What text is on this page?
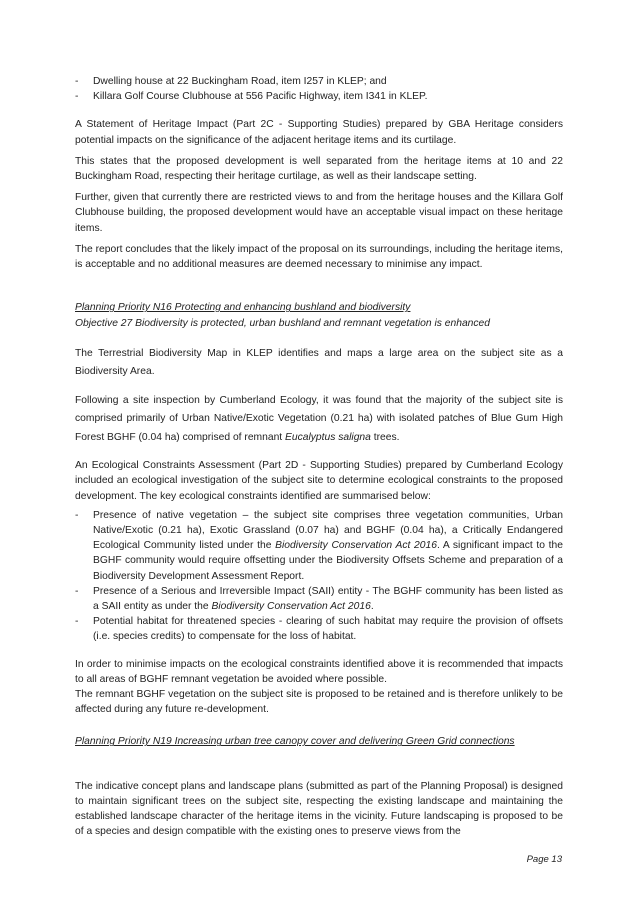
- Dwelling house at 22 Buckingham Road, item I257 in KLEP; and
- Killara Golf Course Clubhouse at 556 Pacific Highway, item I341 in KLEP.

A Statement of Heritage Impact (Part 2C - Supporting Studies) prepared by GBA Heritage considers potential impacts on the significance of the adjacent heritage items and its curtilage.

This states that the proposed development is well separated from the heritage items at 10 and 22 Buckingham Road, respecting their heritage curtilage, as well as their landscape setting.

Further, given that currently there are restricted views to and from the heritage houses and the Killara Golf Clubhouse building, the proposed development would have an acceptable visual impact on these heritage items.

The report concludes that the likely impact of the proposal on its surroundings, including the heritage items, is acceptable and no additional measures are deemed necessary to minimise any impact.

Planning Priority N16 Protecting and enhancing bushland and biodiversity

Objective 27 Biodiversity is protected, urban bushland and remnant vegetation is enhanced

The Terrestrial Biodiversity Map in KLEP identifies and maps a large area on the subject site as a Biodiversity Area.

Following a site inspection by Cumberland Ecology, it was found that the majority of the subject site is comprised primarily of Urban Native/Exotic Vegetation (0.21 ha) with isolated patches of Blue Gum High Forest BGHF (0.04 ha) comprised of remnant Eucalyptus saligna trees.

An Ecological Constraints Assessment (Part 2D - Supporting Studies) prepared by Cumberland Ecology included an ecological investigation of the subject site to determine ecological constraints to the proposed development. The key ecological constraints identified are summarised below:

- Presence of native vegetation – the subject site comprises three vegetation communities, Urban Native/Exotic (0.21 ha), Exotic Grassland (0.07 ha) and BGHF (0.04 ha), a Critically Endangered Ecological Community listed under the Biodiversity Conservation Act 2016. A significant impact to the BGHF community would require offsetting under the Biodiversity Offsets Scheme and preparation of a Biodiversity Development Assessment Report.
- Presence of a Serious and Irreversible Impact (SAII) entity - The BGHF community has been listed as a SAII entity as under the Biodiversity Conservation Act 2016.
- Potential habitat for threatened species - clearing of such habitat may require the provision of offsets (i.e. species credits) to compensate for the loss of habitat.

In order to minimise impacts on the ecological constraints identified above it is recommended that impacts to all areas of BGHF remnant vegetation be avoided where possible.

The remnant BGHF vegetation on the subject site is proposed to be retained and is therefore unlikely to be affected during any future re-development.

Planning Priority N19 Increasing urban tree canopy cover and delivering Green Grid connections

The indicative concept plans and landscape plans (submitted as part of the Planning Proposal) is designed to maintain significant trees on the subject site, respecting the existing landscape and maintaining the established landscape character of the heritage items in the vicinity. Future landscaping is proposed to be of a species and design compatible with the existing ones to preserve views from the

Page 13
